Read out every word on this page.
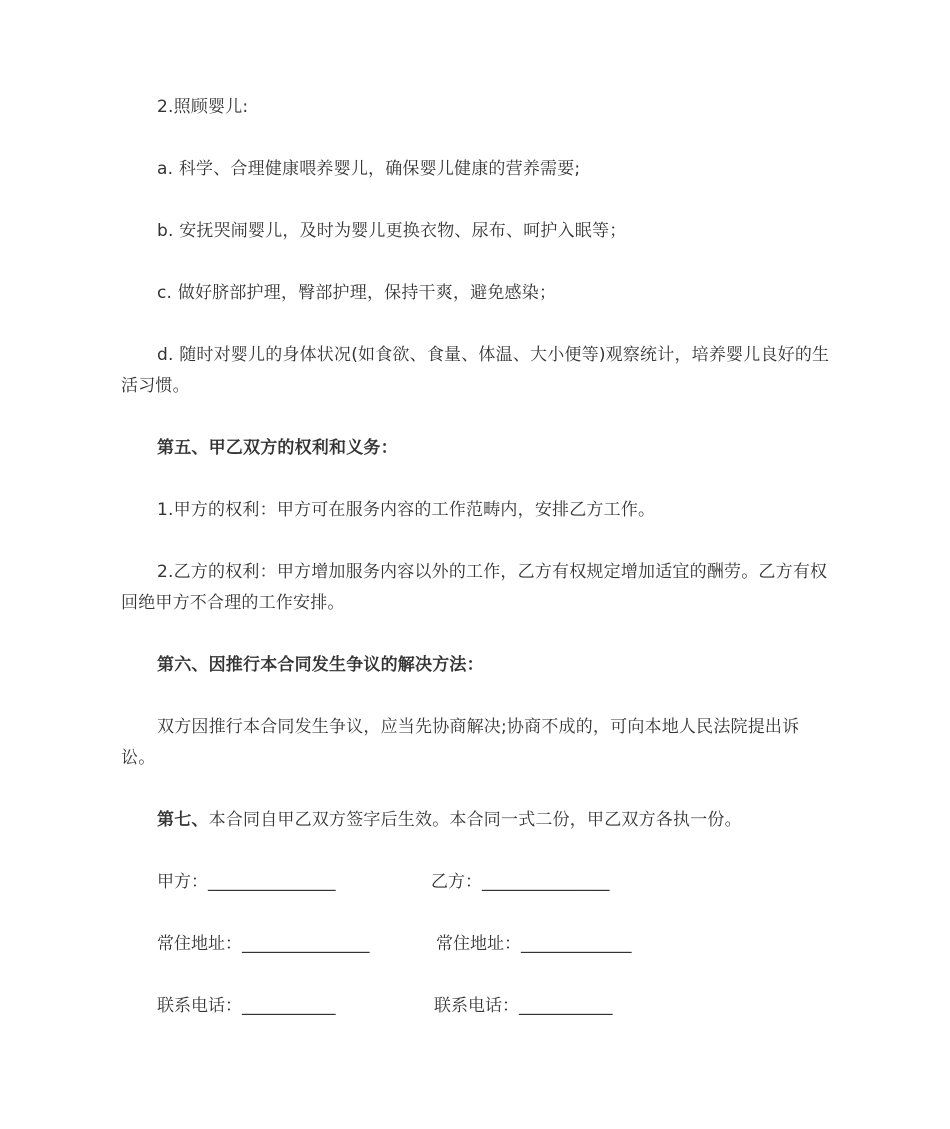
2.照顾婴儿:

a. 科学、合理健康喂养婴儿，确保婴儿健康的营养需要;

b. 安抚哭闹婴儿，及时为婴儿更换衣物、尿布、呵护入眠等；

c. 做好脐部护理，臀部护理，保持干爽，避免感染；

d. 随时对婴儿的身体状况(如食欲、食量、体温、大小便等)观察统计，培养婴儿良好的生活习惯。

第五、甲乙双方的权利和义务：

1.甲方的权利：甲方可在服务内容的工作范畴内，安排乙方工作。

2.乙方的权利：甲方增加服务内容以外的工作，乙方有权规定增加适宜的酬劳。乙方有权回绝甲方不合理的工作安排。

第六、因推行本合同发生争议的解决方法：

双方因推行本合同发生争议，应当先协商解决;协商不成的，可向本地人民法院提出诉讼。

第七、本合同自甲乙双方签字后生效。本合同一式二份，甲乙双方各执一份。

甲方：_______________	乙方：_______________
常住地址：_______________	常住地址：_____________
联系电话：___________	联系电话：___________
